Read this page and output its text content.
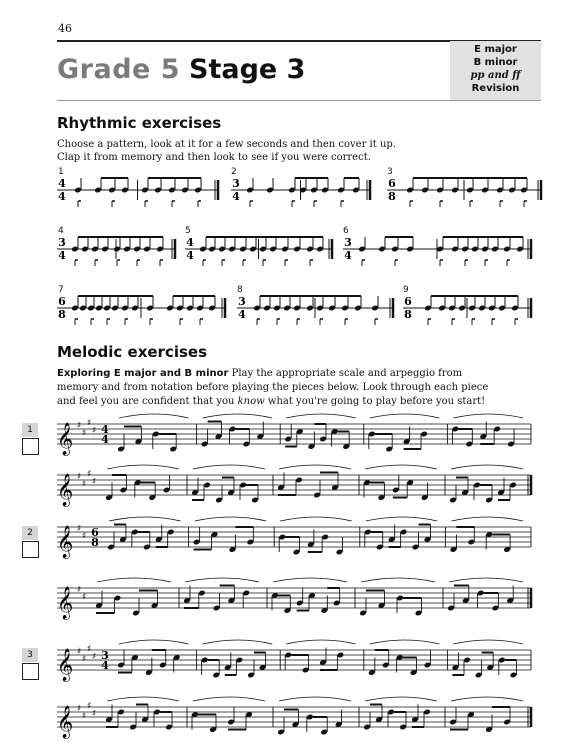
46
Grade 5 Stage 3
E major
B minor
pp and ff
Revision
Rhythmic exercises
Choose a pattern, look at it for a few seconds and then cover it up.
Clap it from memory and then look to see if you were correct.
1	2	3
4	5	6
7	8	9
Melodic exercises
Exploring E major and B minor Play the appropriate scale and arpeggio from
memory and from notation before playing the pieces below. Look through each piece
and feel you are confident that you know what you're going to play before you start!
1
2
3
4
4
3
4
6
8
3
4
4
4
3
4
6
8
3
4
6
8
𝄞 ♯
♯
♯
♯ 4
4
𝄞 ♯
♯
♯
♯
𝄞 ♯
♯ 6
8
𝄞 ♯
♯
𝄞 ♯
♯
♯
♯ 3
4
𝄞 ♯
♯
♯
♯
